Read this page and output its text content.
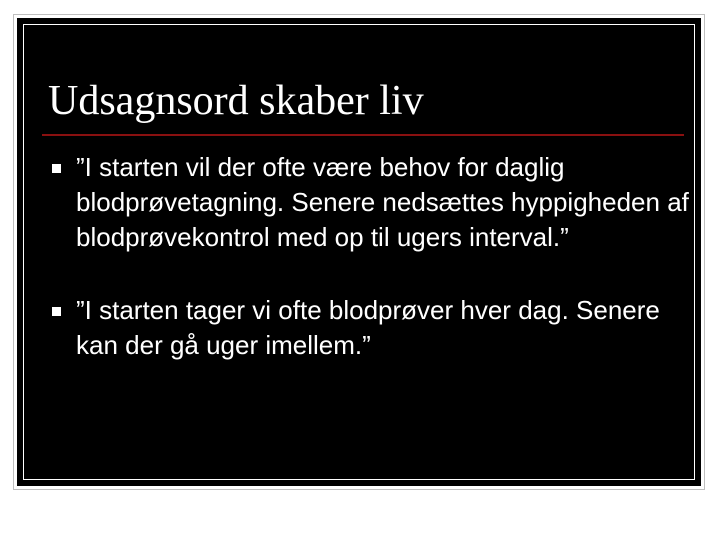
Udsagnsord skaber liv
”I starten vil der ofte være behov for daglig blodprøvetagning. Senere nedsættes hyppigheden af blodprøvekontrol med op til ugers interval.”
”I starten tager vi ofte blodprøver hver dag. Senere kan der gå uger imellem.”
